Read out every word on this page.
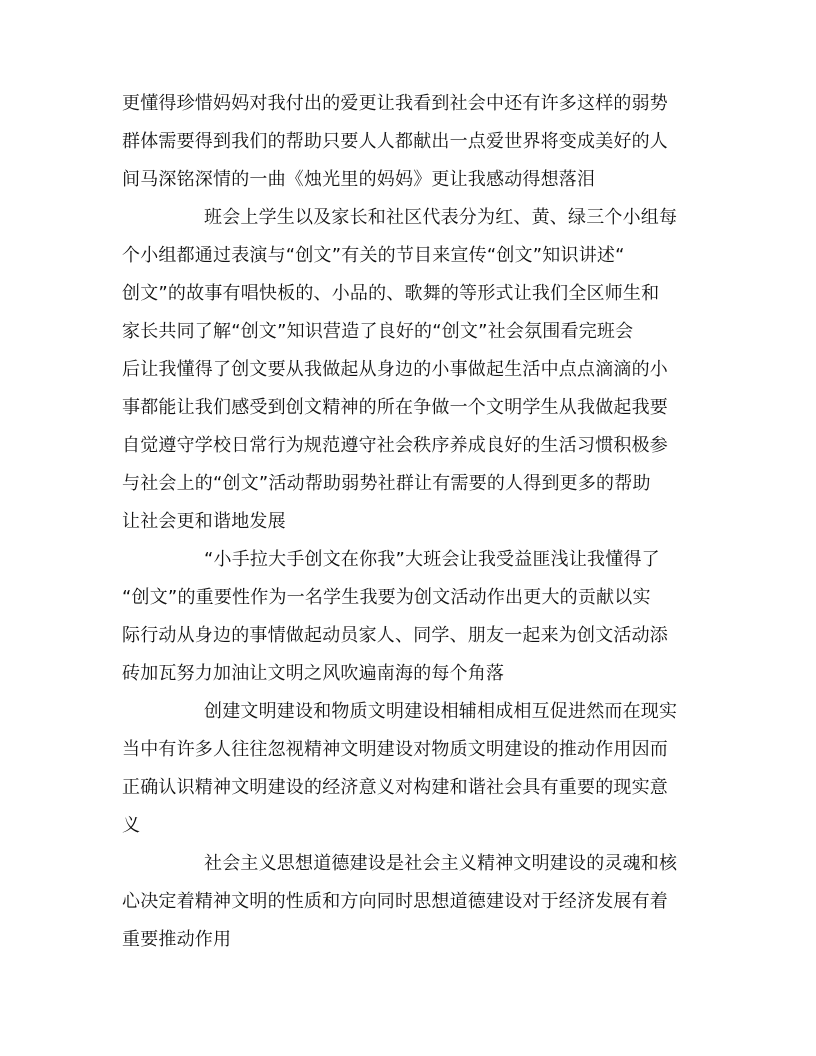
更懂得珍惜妈妈对我付出的爱更让我看到社会中还有许多这样的弱势
群体需要得到我们的帮助只要人人都献出一点爱世界将变成美好的人
间马深铭深情的一曲《烛光里的妈妈》更让我感动得想落泪
班会上学生以及家长和社区代表分为红、黄、绿三个小组每
个小组都通过表演与“创文”有关的节目来宣传“创文”知识讲述“
创文”的故事有唱快板的、小品的、歌舞的等形式让我们全区师生和
家长共同了解“创文”知识营造了良好的“创文”社会氛围看完班会
后让我懂得了创文要从我做起从身边的小事做起生活中点点滴滴的小
事都能让我们感受到创文精神的所在争做一个文明学生从我做起我要
自觉遵守学校日常行为规范遵守社会秩序养成良好的生活习惯积极参
与社会上的“创文”活动帮助弱势社群让有需要的人得到更多的帮助
让社会更和谐地发展
“小手拉大手创文在你我”大班会让我受益匪浅让我懂得了
“创文”的重要性作为一名学生我要为创文活动作出更大的贡献以实
际行动从身边的事情做起动员家人、同学、朋友一起来为创文活动添
砖加瓦努力加油让文明之风吹遍南海的每个角落
创建文明建设和物质文明建设相辅相成相互促进然而在现实
当中有许多人往往忽视精神文明建设对物质文明建设的推动作用因而
正确认识精神文明建设的经济意义对构建和谐社会具有重要的现实意
义
社会主义思想道德建设是社会主义精神文明建设的灵魂和核
心决定着精神文明的性质和方向同时思想道德建设对于经济发展有着
重要推动作用
